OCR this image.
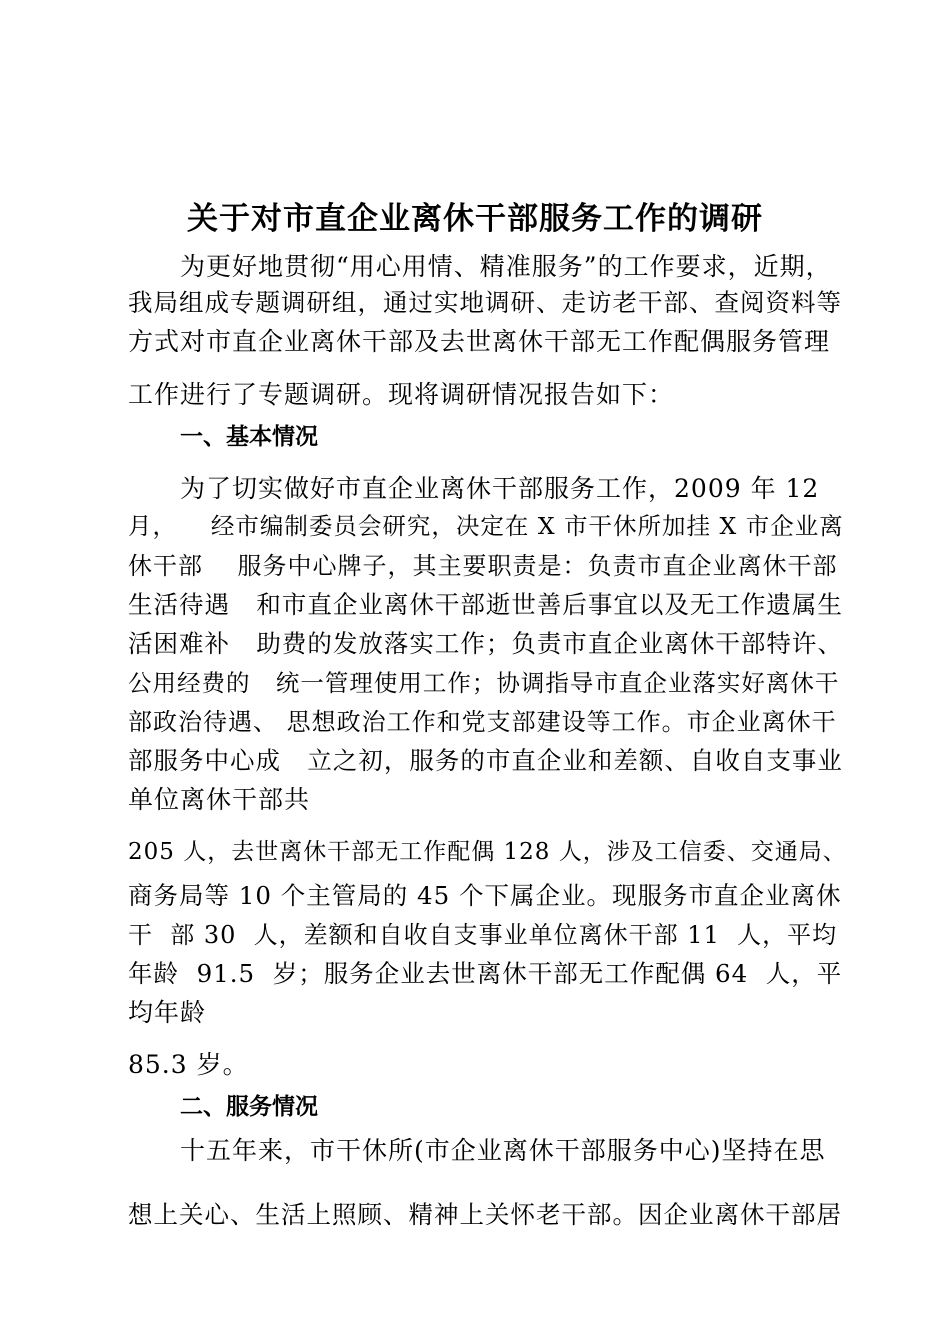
关于对市直企业离休干部服务工作的调研
为更好地贯彻“用心用情、精准服务”的工作要求，近期，
我局组成专题调研组，通过实地调研、走访老干部、查阅资料等
方式对市直企业离休干部及去世离休干部无工作配偶服务管理
工作进行了专题调研。现将调研情况报告如下：
一、基本情况
为了切实做好市直企业离休干部服务工作，2009 年 12
月，    经市编制委员会研究，决定在 X 市干休所加挂 X 市企业离
休干部    服务中心牌子，其主要职责是：负责市直企业离休干部
生活待遇   和市直企业离休干部逝世善后事宜以及无工作遗属生
活困难补   助费的发放落实工作；负责市直企业离休干部特许、
公用经费的   统一管理使用工作；协调指导市直企业落实好离休干
部政治待遇、 思想政治工作和党支部建设等工作。市企业离休干
部服务中心成   立之初，服务的市直企业和差额、自收自支事业
单位离休干部共
205 人，去世离休干部无工作配偶 128 人，涉及工信委、交通局、
商务局等 10 个主管局的 45 个下属企业。现服务市直企业离休
干  部 30  人，差额和自收自支事业单位离休干部 11  人，平均
年龄  91.5  岁；服务企业去世离休干部无工作配偶 64  人，平
均年龄
85.3 岁。
二、服务情况
十五年来，市干休所(市企业离休干部服务中心)坚持在思
想上关心、生活上照顾、精神上关怀老干部。因企业离休干部居
